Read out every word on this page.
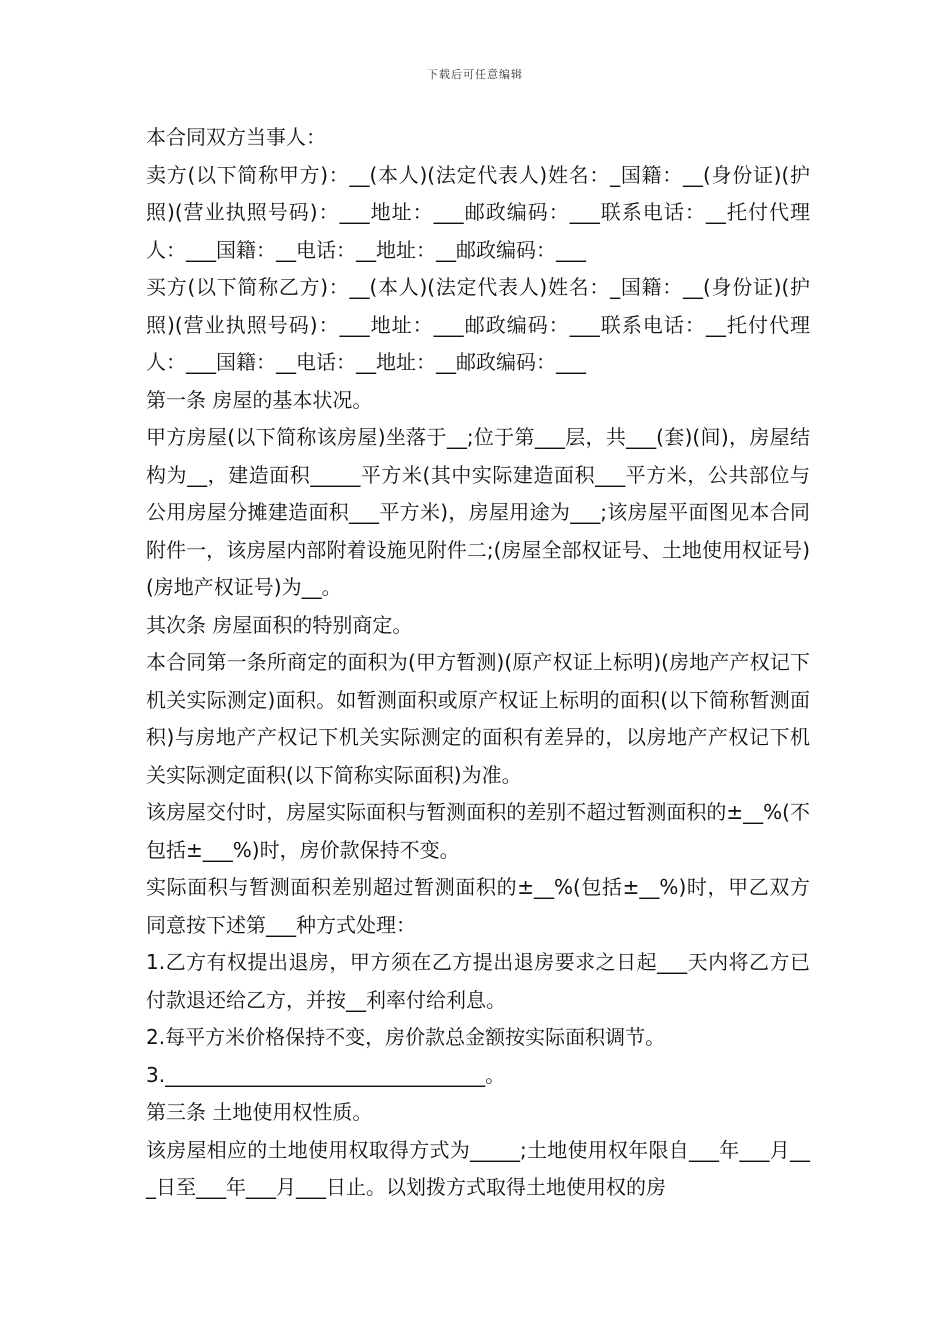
下载后可任意编辑

本合同双方当事人：

卖方(以下简称甲方)：__(本人)(法定代表人)姓名：_国籍：__(身份证)(护照)(营业执照号码)：___地址：___邮政编码：___联系电话：__托付代理人：___国籍：__电话：__地址：__邮政编码：___

买方(以下简称乙方)：__(本人)(法定代表人)姓名：_国籍：__(身份证)(护照)(营业执照号码)：___地址：___邮政编码：___联系电话：__托付代理人：___国籍：__电话：__地址：__邮政编码：___

第一条 房屋的基本状况。

甲方房屋(以下简称该房屋)坐落于__;位于第___层，共___(套)(间)，房屋结构为__，建造面积_____平方米(其中实际建造面积___平方米，公共部位与公用房屋分摊建造面积___平方米)，房屋用途为___;该房屋平面图见本合同附件一，该房屋内部附着设施见附件二;(房屋全部权证号、土地使用权证号)(房地产权证号)为__。

其次条 房屋面积的特别商定。

本合同第一条所商定的面积为(甲方暂测)(原产权证上标明)(房地产产权记下机关实际测定)面积。如暂测面积或原产权证上标明的面积(以下简称暂测面积)与房地产产权记下机关实际测定的面积有差异的，以房地产产权记下机关实际测定面积(以下简称实际面积)为准。

该房屋交付时，房屋实际面积与暂测面积的差别不超过暂测面积的±__%(不包括±___%)时，房价款保持不变。

实际面积与暂测面积差别超过暂测面积的±__%(包括±__%)时，甲乙双方同意按下述第___种方式处理：

1.乙方有权提出退房，甲方须在乙方提出退房要求之日起___天内将乙方已付款退还给乙方，并按__利率付给利息。

2.每平方米价格保持不变，房价款总金额按实际面积调节。

3.________________________________。

第三条 土地使用权性质。

该房屋相应的土地使用权取得方式为_____;土地使用权年限自___年___月___日至___年___月___日止。以划拨方式取得土地使用权的房
